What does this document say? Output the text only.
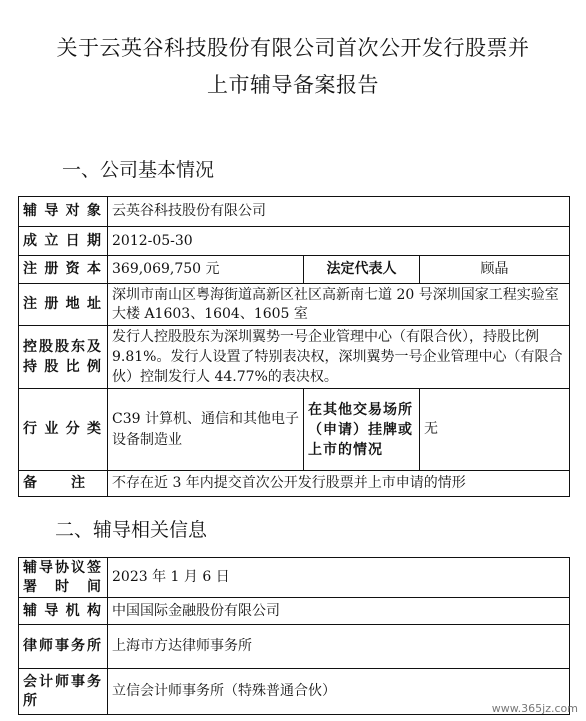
关于云英谷科技股份有限公司首次公开发行股票并
上市辅导备案报告
一、公司基本情况
辅导对象	云英谷科技股份有限公司		
成立日期	2012-05-30		
注册资本	369,069,750 元	法定代表人	顾晶
注册地址	深圳市南山区粤海街道高新区社区高新南七道 20 号深圳国家工程实验室大楼 A1603、1604、1605 室		
控股股东及持股比例	发行人控股股东为深圳翼势一号企业管理中心（有限合伙），持股比例 9.81%。发行人设置了特别表决权，深圳翼势一号企业管理中心（有限合伙）控制发行人 44.77%的表决权。		
行业分类	C39 计算机、通信和其他电子设备制造业	在其他交易场所（申请）挂牌或上市的情况	无
备　　注	不存在近 3 年内提交首次公开发行股票并上市申请的情形		
二、辅导相关信息
辅导协议签署时间	2023 年 1 月 6 日
辅导机构	中国国际金融股份有限公司
律师事务所	上海市方达律师事务所
会计师事务所	立信会计师事务所（特殊普通合伙）
www.365jz.com
